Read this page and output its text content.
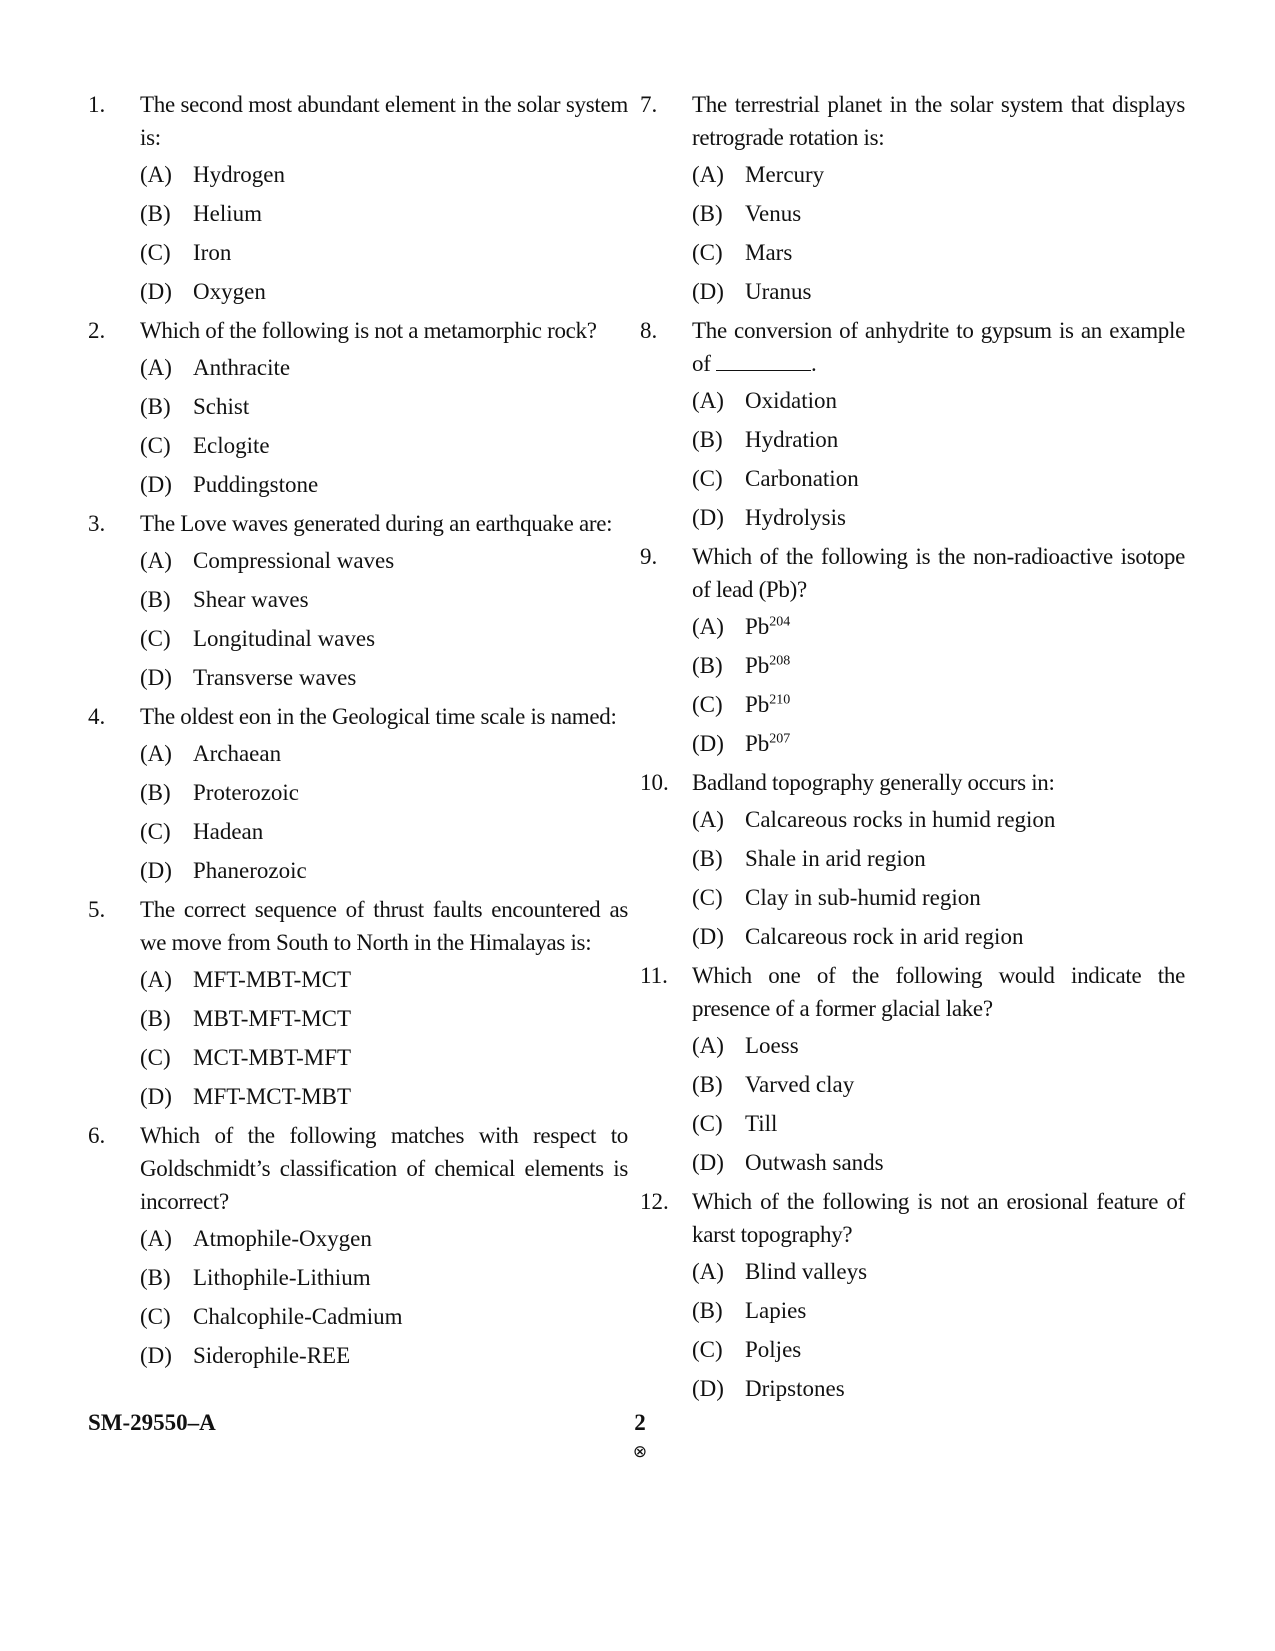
1.	The second most abundant element in the solar system is:
(A) Hydrogen
(B) Helium
(C) Iron
(D) Oxygen
2.	Which of the following is not a metamorphic rock?
(A) Anthracite
(B) Schist
(C) Eclogite
(D) Puddingstone
3.	The Love waves generated during an earthquake are:
(A) Compressional waves
(B) Shear waves
(C) Longitudinal waves
(D) Transverse waves
4.	The oldest eon in the Geological time scale is named:
(A) Archaean
(B) Proterozoic
(C) Hadean
(D) Phanerozoic
5.	The correct sequence of thrust faults encountered as we move from South to North in the Himalayas is:
(A) MFT-MBT-MCT
(B) MBT-MFT-MCT
(C) MCT-MBT-MFT
(D) MFT-MCT-MBT
6.	Which of the following matches with respect to Goldschmidt’s classification of chemical elements is incorrect?
(A) Atmophile-Oxygen
(B) Lithophile-Lithium
(C) Chalcophile-Cadmium
(D) Siderophile-REE
7.	The terrestrial planet in the solar system that displays retrograde rotation is:
(A) Mercury
(B) Venus
(C) Mars
(D) Uranus
8.	The conversion of anhydrite to gypsum is an example of	.
(A) Oxidation
(B) Hydration
(C) Carbonation
(D) Hydrolysis
9.	Which of the following is the non-radioactive isotope of lead (Pb)?
(A) Pb$^{204}$
(B) Pb$^{208}$
(C) Pb$^{210}$
(D) Pb$^{207}$
10.	Badland topography generally occurs in:
(A) Calcareous rocks in humid region
(B) Shale in arid region
(C) Clay in sub-humid region
(D) Calcareous rock in arid region
11.	Which one of the following would indicate the presence of a former glacial lake?
(A) Loess
(B) Varved clay
(C) Till
(D) Outwash sands
12.	Which of the following is not an erosional feature of karst topography?
(A) Blind valleys
(B) Lapies
(C) Poljes
(D) Dripstones
SM-29550–A	2
⊗
